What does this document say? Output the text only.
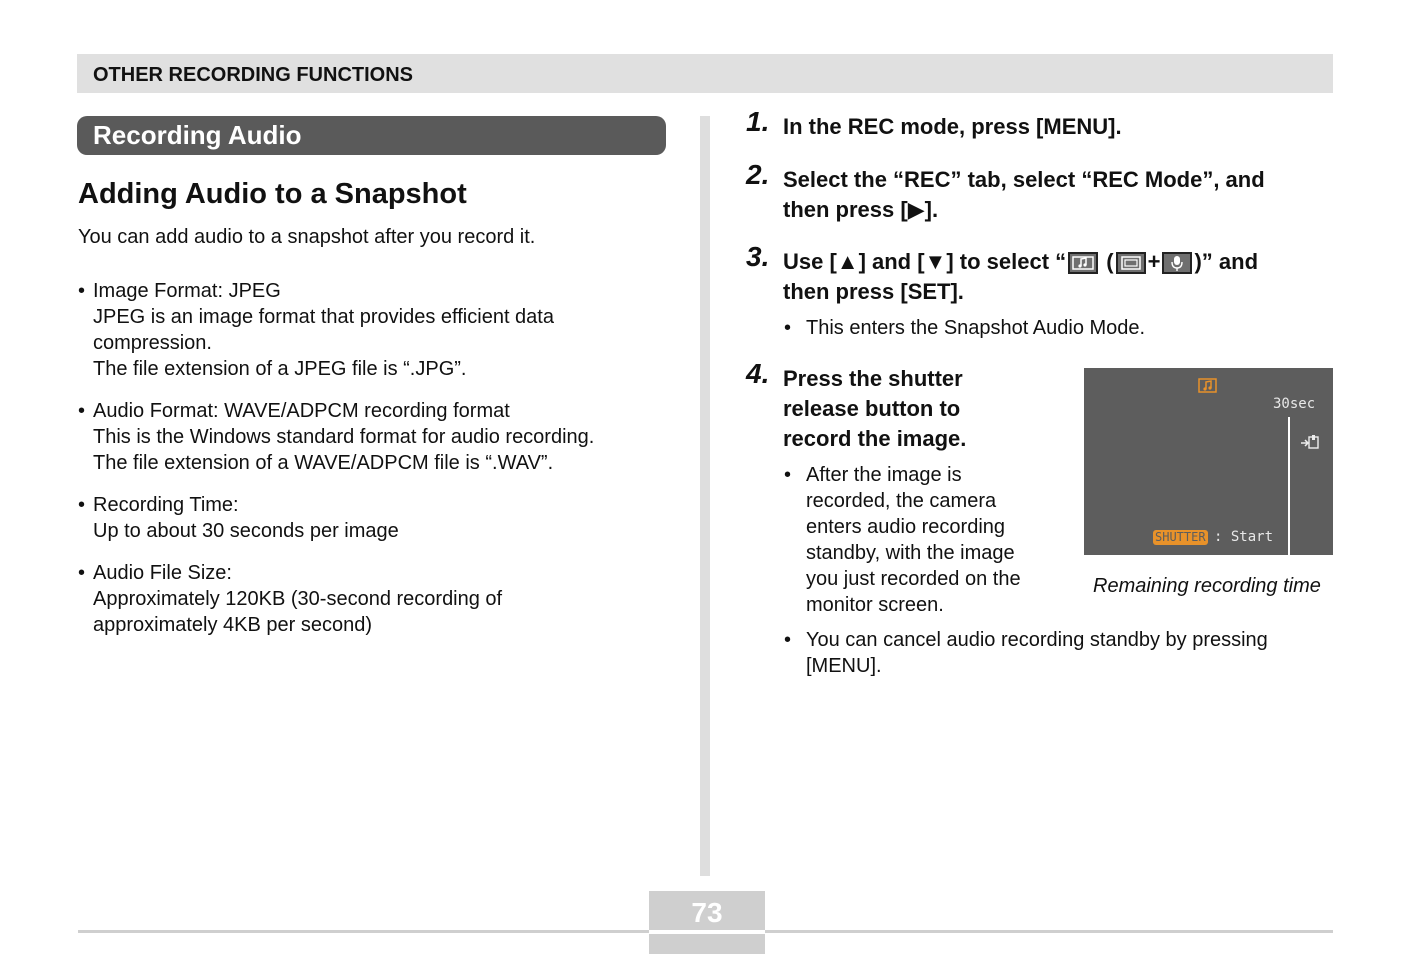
OTHER RECORDING FUNCTIONS
Recording Audio
Adding Audio to a Snapshot
You can add audio to a snapshot after you record it.
• Image Format: JPEG
JPEG is an image format that provides efficient data
compression.
The file extension of a JPEG file is “.JPG”.
• Audio Format: WAVE/ADPCM recording format
This is the Windows standard format for audio recording.
The file extension of a WAVE/ADPCM file is “.WAV”.
• Recording Time:
Up to about 30 seconds per image
• Audio File Size:
Approximately 120KB (30-second recording of
approximately 4KB per second)
1. In the REC mode, press [MENU].
2. Select the “REC” tab, select “REC Mode”, and
then press [▶].
3. Use [▲] and [▼] to select “
( + )” and
then press [SET].
• This enters the Snapshot Audio Mode.
4. Press the shutter
release button to
record the image.
• After the image is
recorded, the camera
enters audio recording
standby, with the image
you just recorded on the
monitor screen.
• You can cancel audio recording standby by pressing
[MENU].
30sec
SHUTTER : Start
Remaining recording time
73
